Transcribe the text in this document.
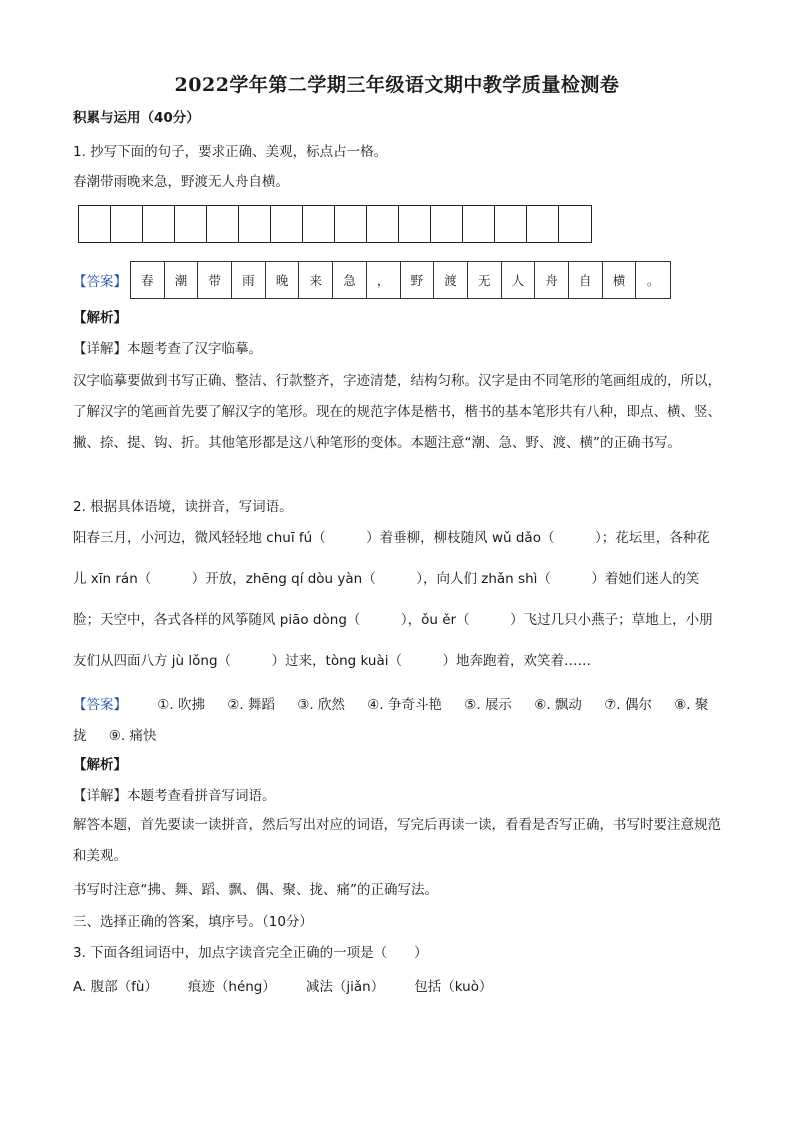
2022学年第二学期三年级语文期中教学质量检测卷
积累与运用（40分）
1. 抄写下面的句子，要求正确、美观，标点占一格。
春潮带雨晚来急，野渡无人舟自横。
【答案】	春	潮	带	雨	晚	来	急	，	野	渡	无	人	舟	自	横	。
【解析】
【详解】本题考查了汉字临摹。
汉字临摹要做到书写正确、整洁、行款整齐，字迹清楚，结构匀称。汉字是由不同笔形的笔画组成的，所以，了解汉字的笔画首先要了解汉字的笔形。现在的规范字体是楷书，楷书的基本笔形共有八种，即点、横、竖、撇、捺、提、钩、折。其他笔形都是这八种笔形的变体。本题注意“潮、急、野、渡、横”的正确书写。
2. 根据具体语境，读拼音，写词语。
阳春三月，小河边，微风轻轻地 chuī fú（　　　）着垂柳，柳枝随风 wǔ dǎo（　　　）；花坛里，各种花儿 xīn rán（　　　）开放，zhēng qí dòu yàn（　　　），向人们 zhǎn shì（　　　）着她们迷人的笑脸；天空中，各式各样的风筝随风 piāo dòng（　　　），ǒu ěr（　　　）飞过几只小燕子；草地上，小朋友们从四面八方 jù lǒng（　　　）过来，tòng kuài（　　　）地奔跑着，欢笑着……
【答案】 ①. 吹拂 ②. 舞蹈 ③. 欣然 ④. 争奇斗艳 ⑤. 展示 ⑥. 飘动 ⑦. 偶尔 ⑧. 聚拢 ⑨. 痛快
【解析】
【详解】本题考查看拼音写词语。
解答本题，首先要读一读拼音，然后写出对应的词语，写完后再读一读，看看是否写正确，书写时要注意规范和美观。
书写时注意“拂、舞、蹈、飘、偶、聚、拢、痛”的正确写法。
三、选择正确的答案，填序号。（10分）
3. 下面各组词语中，加点字读音完全正确的一项是（　　）
A. 腹部（fù） 痕迹（héng） 减法（jiǎn） 包括（kuò）
